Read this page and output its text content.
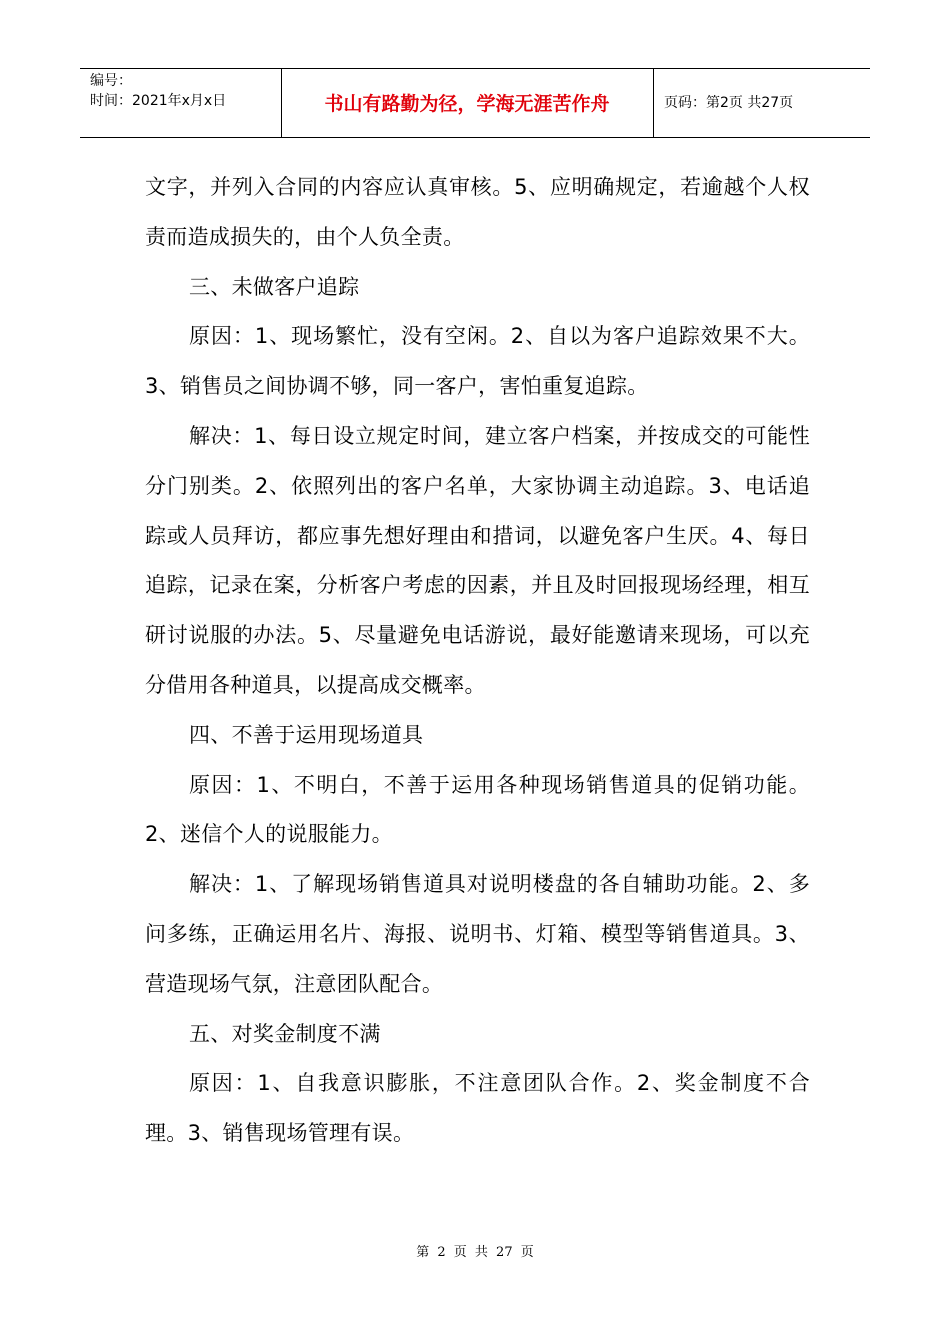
编号：
时间：2021年x月x日	书山有路勤为径，学海无涯苦作舟	页码：第2页 共27页

文字，并列入合同的内容应认真审核。5、应明确规定，若逾越个人权责而造成损失的，由个人负全责。

三、未做客户追踪

原因：1、现场繁忙，没有空闲。2、自以为客户追踪效果不大。3、销售员之间协调不够，同一客户，害怕重复追踪。

解决：1、每日设立规定时间，建立客户档案，并按成交的可能性分门别类。2、依照列出的客户名单，大家协调主动追踪。3、电话追踪或人员拜访，都应事先想好理由和措词，以避免客户生厌。4、每日追踪，记录在案，分析客户考虑的因素，并且及时回报现场经理，相互研讨说服的办法。5、尽量避免电话游说，最好能邀请来现场，可以充分借用各种道具，以提高成交概率。

四、不善于运用现场道具

原因：1、不明白，不善于运用各种现场销售道具的促销功能。2、迷信个人的说服能力。

解决：1、了解现场销售道具对说明楼盘的各自辅助功能。2、多问多练，正确运用名片、海报、说明书、灯箱、模型等销售道具。3、营造现场气氛，注意团队配合。

五、对奖金制度不满

原因：1、自我意识膨胀，不注意团队合作。2、奖金制度不合理。3、销售现场管理有误。

第 2 页 共 27 页
